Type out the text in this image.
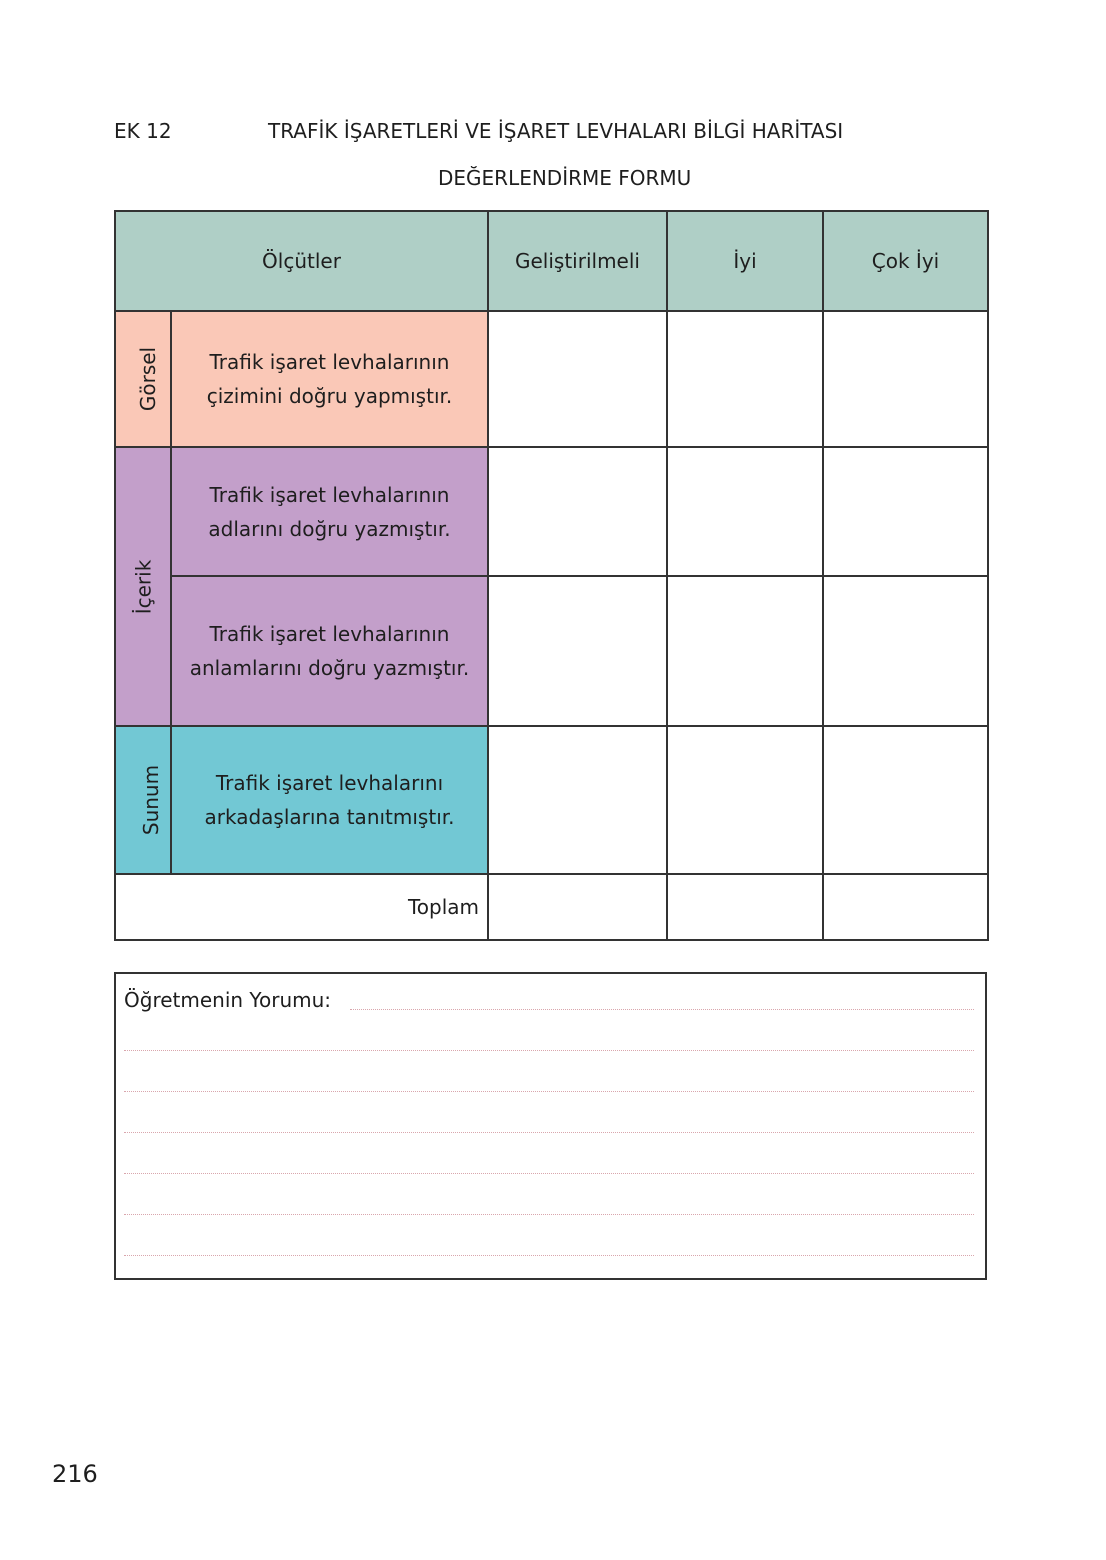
EK 12	TRAFİK İŞARETLERİ VE İŞARET LEVHALARI BİLGİ HARİTASI
DEĞERLENDİRME FORMU
Ölçütler		Geliştirilmeli	İyi	Çok İyi
Görsel	Trafik işaret levhalarının
çizimini doğru yapmıştır.			
İçerik	Trafik işaret levhalarının
adlarını doğru yazmıştır.			
	Trafik işaret levhalarının
anlamlarını doğru yazmıştır.			
Sunum	Trafik işaret levhalarını
arkadaşlarına tanıtmıştır.			
Toplam				
Öğretmenin Yorumu:
216
